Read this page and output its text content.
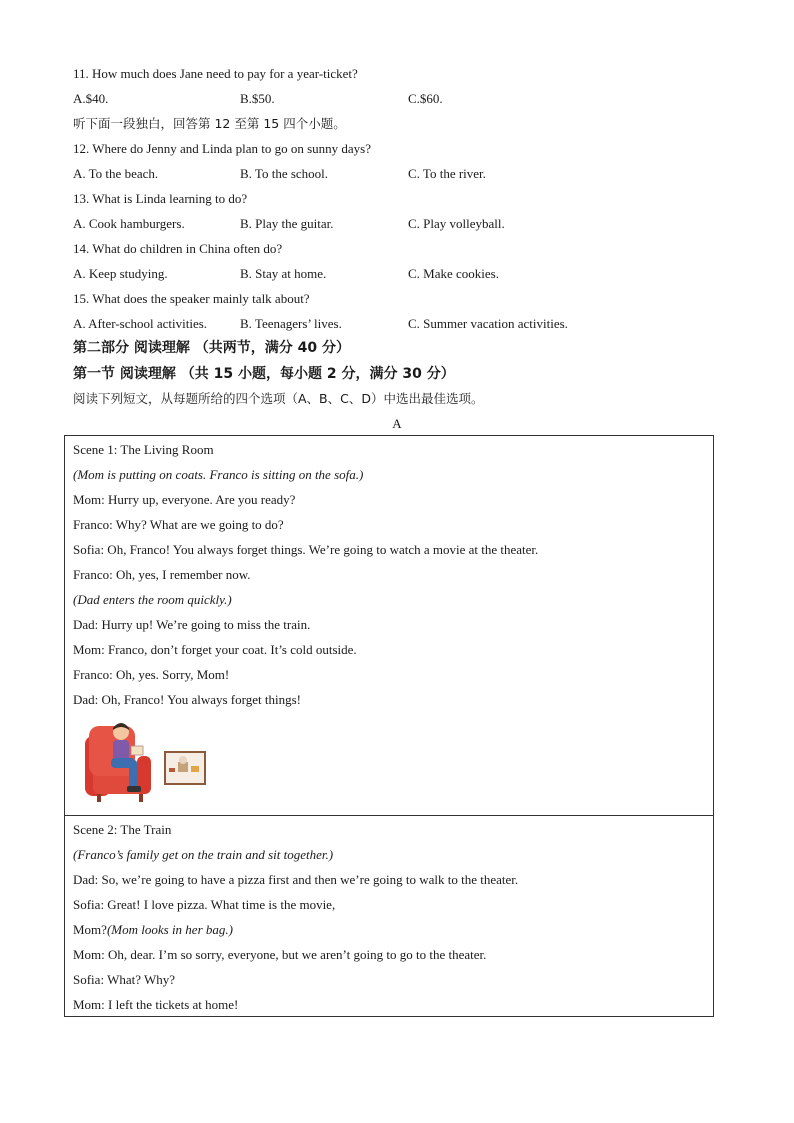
11. How much does Jane need to pay for a year-ticket?
A.$40.	B.$50.	C.$60.
听下面一段独白，回答第 12 至第 15 四个小题。
12. Where do Jenny and Linda plan to go on sunny days?
A. To the beach.	B. To the school.	C. To the river.
13. What is Linda learning to do?
A. Cook hamburgers.	B. Play the guitar.	C. Play volleyball.
14. What do children in China often do?
A. Keep studying.	B. Stay at home.	C. Make cookies.
15. What does the speaker mainly talk about?
A. After-school activities.	B. Teenagers’ lives.	C. Summer vacation activities.
第二部分 阅读理解 （共两节，满分 40 分）
第一节 阅读理解 （共 15 小题，每小题 2 分，满分 30 分）
阅读下列短文，从每题所给的四个选项（A、B、C、D）中选出最佳选项。
A
Scene 1: The Living Room
(Mom is putting on coats. Franco is sitting on the sofa.)
Mom: Hurry up, everyone. Are you ready?
Franco: Why? What are we going to do?
Sofia: Oh, Franco! You always forget things. We’re going to watch a movie at the theater.
Franco: Oh, yes, I remember now.
(Dad enters the room quickly.)
Dad: Hurry up! We’re going to miss the train.
Mom: Franco, don’t forget your coat. It’s cold outside.
Franco: Oh, yes. Sorry, Mom!
Dad: Oh, Franco! You always forget things!
Scene 2: The Train
(Franco’s family get on the train and sit together.)
Dad: So, we’re going to have a pizza first and then we’re going to walk to the theater.
Sofia: Great! I love pizza. What time is the movie,
Mom?(Mom looks in her bag.)
Mom: Oh, dear. I’m so sorry, everyone, but we aren’t going to go to the theater.
Sofia: What? Why?
Mom: I left the tickets at home!
